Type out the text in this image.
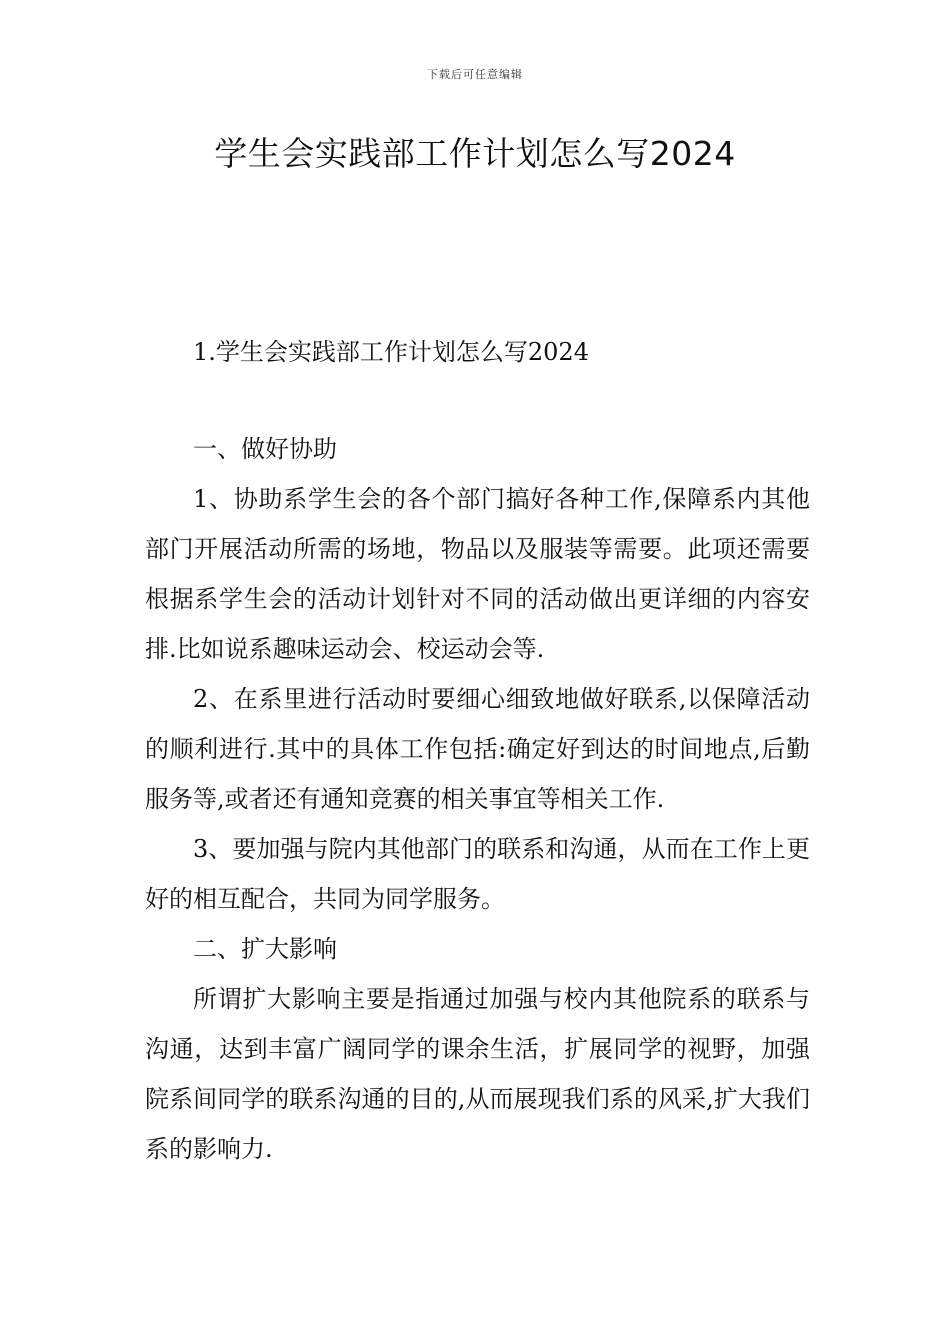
下载后可任意编辑
学生会实践部工作计划怎么写2024

1.学生会实践部工作计划怎么写2024

一、做好协助

1、协助系学生会的各个部门搞好各种工作,保障系内其他部门开展活动所需的场地，物品以及服装等需要。此项还需要根据系学生会的活动计划针对不同的活动做出更详细的内容安排.比如说系趣味运动会、校运动会等.

2、在系里进行活动时要细心细致地做好联系,以保障活动的顺利进行.其中的具体工作包括:确定好到达的时间地点,后勤服务等,或者还有通知竞赛的相关事宜等相关工作.

3、要加强与院内其他部门的联系和沟通，从而在工作上更好的相互配合，共同为同学服务。

二、扩大影响

所谓扩大影响主要是指通过加强与校内其他院系的联系与沟通，达到丰富广阔同学的课余生活，扩展同学的视野，加强院系间同学的联系沟通的目的,从而展现我们系的风采,扩大我们系的影响力.
